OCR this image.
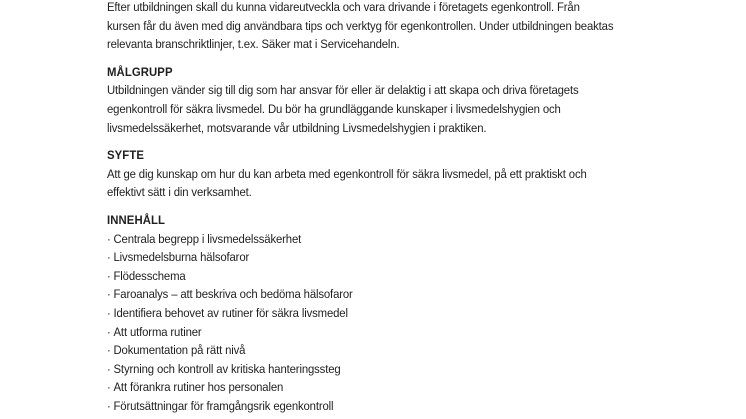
Efter utbildningen skall du kunna vidareutveckla och vara drivande i företagets egenkontroll. Från

kursen får du även med dig användbara tips och verktyg för egenkontrollen. Under utbildningen beaktas

relevanta branschriktlinjer, t.ex. Säker mat i Servicehandeln.

MÅLGRUPP

Utbildningen vänder sig till dig som har ansvar för eller är delaktig i att skapa och driva företagets

egenkontroll för säkra livsmedel. Du bör ha grundläggande kunskaper i livsmedelshygien och

livsmedelssäkerhet, motsvarande vår utbildning Livsmedelshygien i praktiken.

SYFTE

Att ge dig kunskap om hur du kan arbeta med egenkontroll för säkra livsmedel, på ett praktiskt och

effektivt sätt i din verksamhet.

INNEHÅLL

· Centrala begrepp i livsmedelssäkerhet
· Livsmedelsburna hälsofaror
· Flödesschema
· Faroanalys – att beskriva och bedöma hälsofaror
· Identifiera behovet av rutiner för säkra livsmedel
· Att utforma rutiner
· Dokumentation på rätt nivå
· Styrning och kontroll av kritiska hanteringssteg
· Att förankra rutiner hos personalen
· Förutsättningar för framgångsrik egenkontroll
